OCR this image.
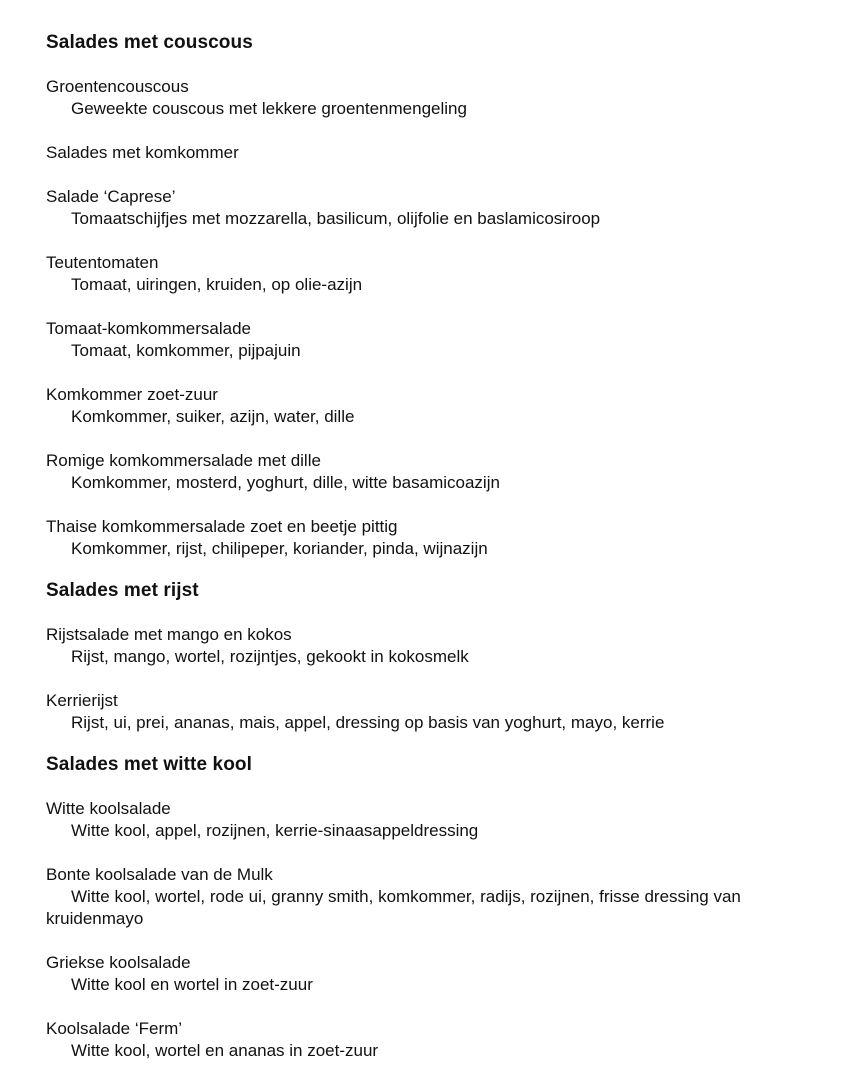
Salades met couscous
Groentencouscous
Geweekte couscous met lekkere groentenmengeling
Salades met komkommer
Salade ‘Caprese’
Tomaatschijfjes met mozzarella, basilicum, olijfolie en baslamicosiroop
Teutentomaten
Tomaat, uiringen, kruiden, op olie-azijn
Tomaat-komkommersalade
Tomaat, komkommer, pijpajuin
Komkommer zoet-zuur
Komkommer, suiker, azijn, water, dille
Romige komkommersalade met dille
Komkommer, mosterd, yoghurt, dille, witte basamicoazijn
Thaise komkommersalade zoet en beetje pittig
Komkommer, rijst, chilipeper, koriander, pinda, wijnazijn
Salades met rijst
Rijstsalade met mango en kokos
Rijst, mango, wortel, rozijntjes, gekookt in kokosmelk
Kerrierijst
Rijst, ui, prei, ananas, mais, appel, dressing op basis van yoghurt, mayo, kerrie
Salades met witte kool
Witte koolsalade
Witte kool, appel, rozijnen, kerrie-sinaasappeldressing
Bonte koolsalade van de Mulk
Witte kool, wortel, rode ui, granny smith, komkommer, radijs, rozijnen, frisse dressing van kruidenmayo
Griekse koolsalade
Witte kool en wortel in zoet-zuur
Koolsalade ‘Ferm’
Witte kool, wortel en ananas in zoet-zuur
